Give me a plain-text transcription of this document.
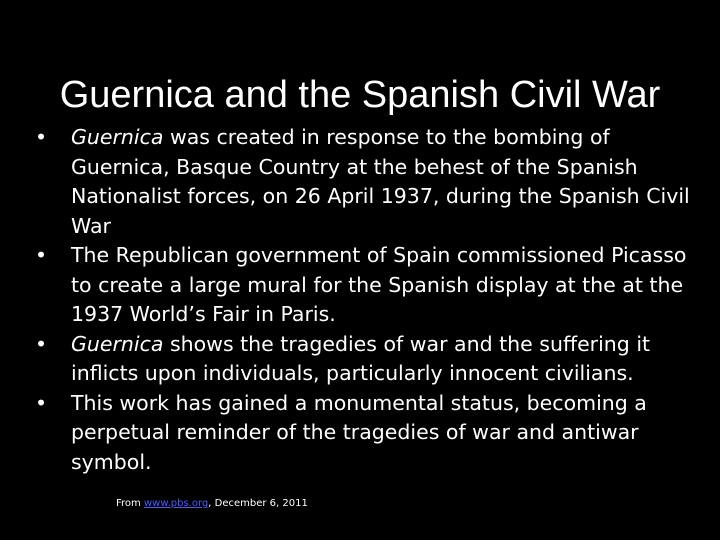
Guernica and the Spanish Civil War
• Guernica was created in response to the bombing of Guernica, Basque Country at the behest of the Spanish Nationalist forces, on 26 April 1937, during the Spanish Civil War
• The Republican government of Spain commissioned Picasso to create a large mural for the Spanish display at the at the 1937 World’s Fair in Paris.
• Guernica shows the tragedies of war and the suffering it inflicts upon individuals, particularly innocent civilians.
• This work has gained a monumental status, becoming a perpetual reminder of the tragedies of war and antiwar symbol.
From www.pbs.org, December 6, 2011
